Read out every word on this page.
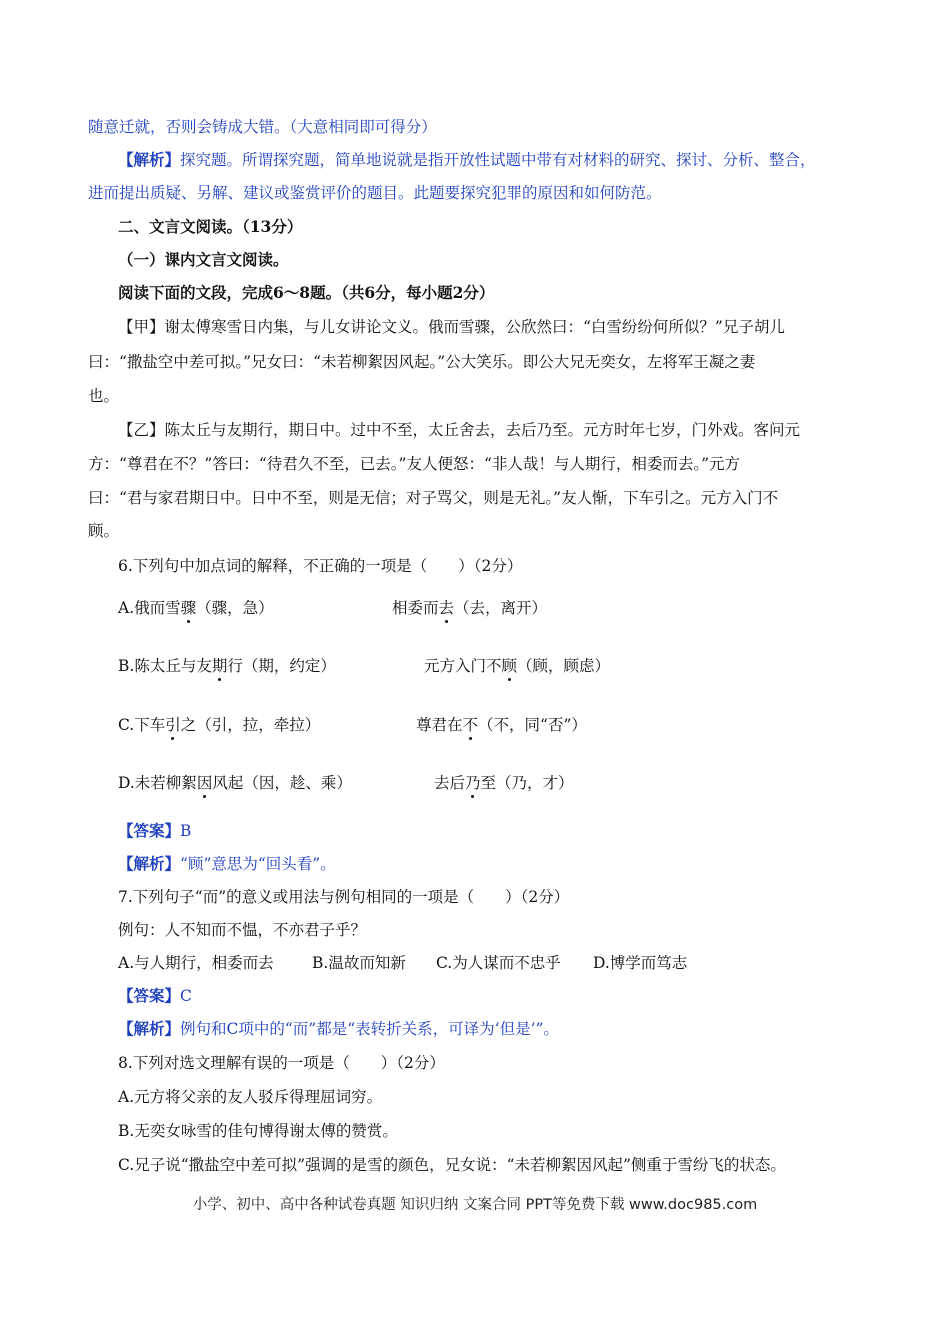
随意迁就，否则会铸成大错。（大意相同即可得分）
【解析】探究题。所谓探究题，简单地说就是指开放性试题中带有对材料的研究、探讨、分析、整合，
进而提出质疑、另解、建议或鉴赏评价的题目。此题要探究犯罪的原因和如何防范。
二、文言文阅读。（13分）
（一）课内文言文阅读。
阅读下面的文段，完成6～8题。（共6分，每小题2分）
【甲】谢太傅寒雪日内集，与儿女讲论文义。俄而雪骤，公欣然曰：“白雪纷纷何所似？”兄子胡儿
曰：“撒盐空中差可拟。”兄女曰：“未若柳絮因风起。”公大笑乐。即公大兄无奕女，左将军王凝之妻
也。
【乙】陈太丘与友期行，期日中。过中不至，太丘舍去，去后乃至。元方时年七岁，门外戏。客问元
方：“尊君在不？”答曰：“待君久不至，已去。”友人便怒：“非人哉！与人期行，相委而去。”元方
曰：“君与家君期日中。日中不至，则是无信；对子骂父，则是无礼。”友人惭，下车引之。元方入门不
顾。
6.下列句中加点词的解释，不正确的一项是（　　）（2分）
A.俄而雪骤（骤，急）	相委而去（去，离开）
B.陈太丘与友期行（期，约定）	元方入门不顾（顾，顾虑）
C.下车引之（引，拉，牵拉）	尊君在不（不，同“否”）
D.未若柳絮因风起（因，趁、乘）	去后乃至（乃，才）
【答案】B
【解析】“顾”意思为“回头看”。
7.下列句子“而”的意义或用法与例句相同的一项是（　　）（2分）
例句：人不知而不愠，不亦君子乎？
A.与人期行，相委而去 B.温故而知新 C.为人谋而不忠乎 D.博学而笃志
【答案】C
【解析】例句和C项中的“而”都是“表转折关系，可译为‘但是’”。
8.下列对选文理解有误的一项是（　　）（2分）
A.元方将父亲的友人驳斥得理屈词穷。
B.无奕女咏雪的佳句博得谢太傅的赞赏。
C.兄子说“撒盐空中差可拟”强调的是雪的颜色，兄女说：“未若柳絮因风起”侧重于雪纷飞的状态。
小学、初中、高中各种试卷真题 知识归纳 文案合同 PPT等免费下载 www.doc985.com
